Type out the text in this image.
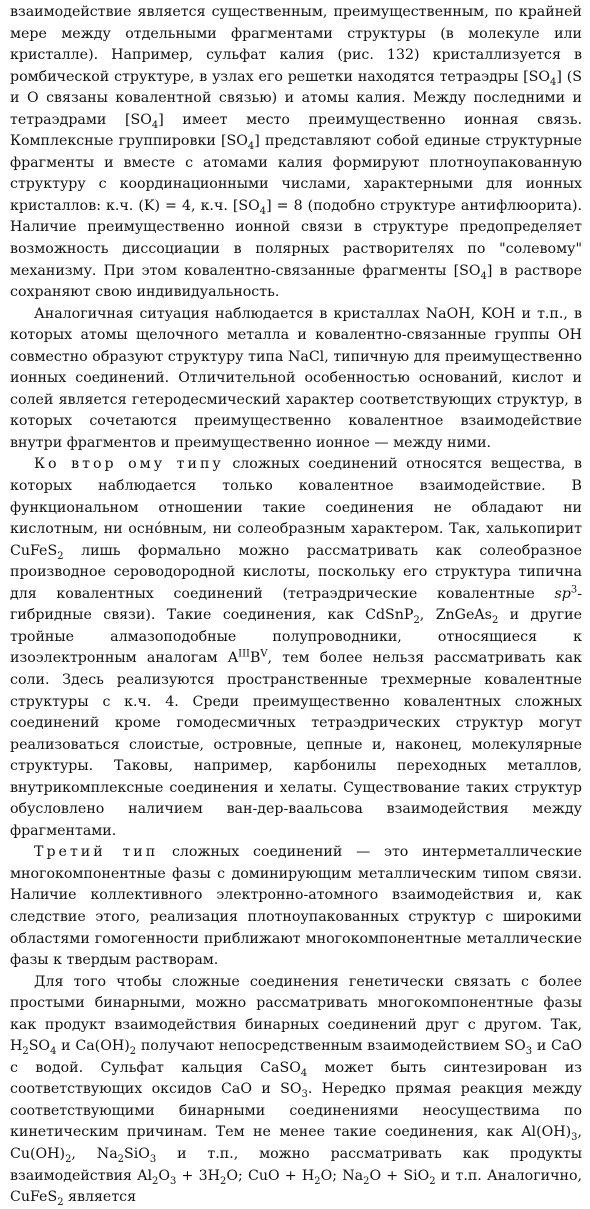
взаимодействие является существенным, преимущественным, по крайней мере между отдельными фрагментами структуры (в молекуле или кристалле). Например, сульфат калия (рис. 132) кристаллизуется в ромбической структуре, в узлах его решетки находятся тетраэдры $[SO_4]$ (S и O связаны ковалентной связью) и атомы калия. Между последними и тетраэдрами $[SO_4]$ имеет место преимущественно ионная связь. Комплексные группировки $[SO_4]$ представляют собой единые структурные фрагменты и вместе с атомами калия формируют плотноупакованную структуру с координационными числами, характерными для ионных кристаллов: к.ч. (K) = 4, к.ч. $[SO_4] = 8$ (подобно структуре антифлюорита). Наличие преимущественно ионной связи в структуре предопределяет возможность диссоциации в полярных растворителях по "солевому" механизму. При этом ковалентно-связанные фрагменты $[SO_4]$ в растворе сохраняют свою индивидуальность.

Аналогичная ситуация наблюдается в кристаллах NaOH, KOH и т.п., в которых атомы щелочного металла и ковалентно-связанные группы OH совместно образуют структуру типа NaCl, типичную для преимущественно ионных соединений. Отличительной особенностью оснований, кислот и солей является гетеродесмический характер соответствующих структур, в которых сочетаются преимущественно ковалентное взаимодействие внутри фрагментов и преимущественно ионное — между ними.

Ко втор ому типу сложных соединений относятся вещества, в которых наблюдается только ковалентное взаимодействие. В функциональном отношении такие соединения не обладают ни кислотным, ни оснóвным, ни солеобразным характером. Так, халькопирит CuFeS$_2$ лишь формально можно рассматривать как солеобразное производное сероводородной кислоты, поскольку его структура типична для ковалентных соединений (тетраэдрические ковалентные $sp^3$-гибридные связи). Такие соединения, как CdSnP$_2$, ZnGeAs$_2$ и другие тройные алмазоподобные полупроводники, относящиеся к изоэлектронным аналогам $A^{III}B^V$, тем более нельзя рассматривать как соли. Здесь реализуются пространственные трехмерные ковалентные структуры с к.ч. 4. Среди преимущественно ковалентных сложных соединений кроме гомодесмичных тетраэдрических структур могут реализоваться слоистые, островные, цепные и, наконец, молекулярные структуры. Таковы, например, карбонилы переходных металлов, внутрикомплексные соединения и хелаты. Существование таких структур обусловлено наличием ван-дер-ваальсова взаимодействия между фрагментами.

Третий тип сложных соединений — это интерметаллические многокомпонентные фазы с доминирующим металлическим типом связи. Наличие коллективного электронно-атомного взаимодействия и, как следствие этого, реализация плотноупакованных структур с широкими областями гомогенности приближают многокомпонентные металлические фазы к твердым растворам.

Для того чтобы сложные соединения генетически связать с более простыми бинарными, можно рассматривать многокомпонентные фазы как продукт взаимодействия бинарных соединений друг с другом. Так, $H_2SO_4$ и $Ca(OH)_2$ получают непосредственным взаимодействием $SO_3$ и CaO с водой. Сульфат кальция CaSO$_4$ может быть синтезирован из соответствующих оксидов CaO и $SO_3$. Нередко прямая реакция между соответствующими бинарными соединениями неосуществима по кинетическим причинам. Тем не менее такие соединения, как $Al(OH)_3$, $Cu(OH)_2$, $Na_2SiO_3$ и т.п., можно рассматривать как продукты взаимодействия $Al_2O_3 + 3H_2O$; CuO + $H_2O$; $Na_2O + SiO_2$ и т.п. Аналогично, CuFeS$_2$ является
